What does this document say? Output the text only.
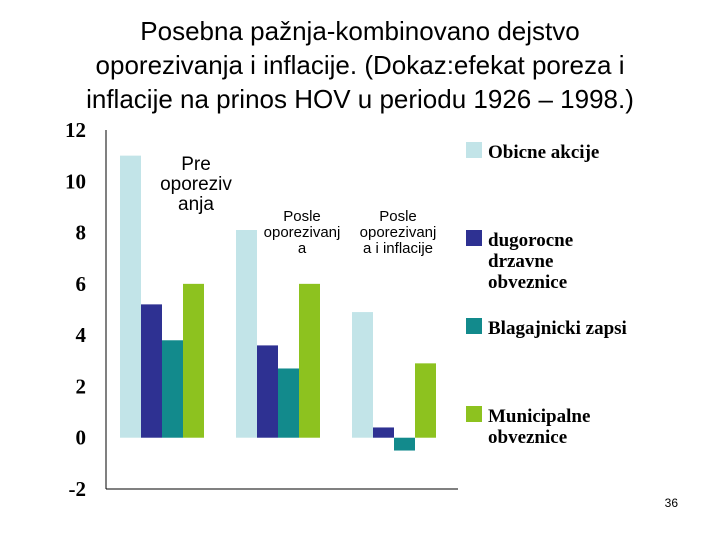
Posebna pažnja-kombinovano dejstvo
oporezivanja i inflacije. (Dokaz:efekat poreza i
inflacije na prinos HOV u periodu 1926 – 1998.)
12
10
8
6
4
2
0
-2
Pre
oporeziv
anja
Posle
oporezivanj
a
Posle
oporezivanj
a i inflacije
Obicne akcije
dugorocne
drzavne
obveznice
Blagajnicki zapsi
Municipalne
obveznice
36
